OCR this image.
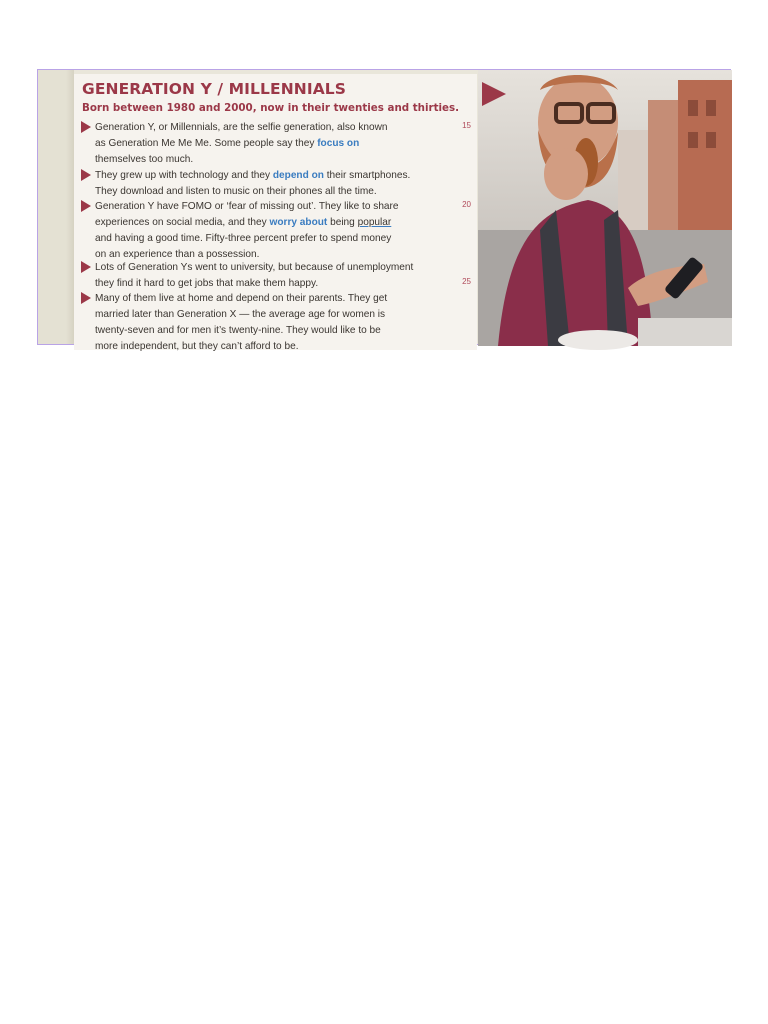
GENERATION Y / MILLENNIALS

Born between 1980 and 2000, now in their twenties and thirties.

Generation Y, or Millennials, are the selfie generation, also known
as Generation Me Me Me. Some people say they focus on
themselves too much.

15

They grew up with technology and they depend on their smartphones.
They download and listen to music on their phones all the time.

Generation Y have FOMO or ‘fear of missing out’. They like to share
experiences on social media, and they worry about being popular
and having a good time. Fifty-three percent prefer to spend money
on an experience than a possession.

20

Lots of Generation Ys went to university, but because of unemployment
they find it hard to get jobs that make them happy.	25

Many of them live at home and depend on their parents. They get
married later than Generation X — the average age for women is
twenty-seven and for men it’s twenty-nine. They would like to be
more independent, but they can’t afford to be.
